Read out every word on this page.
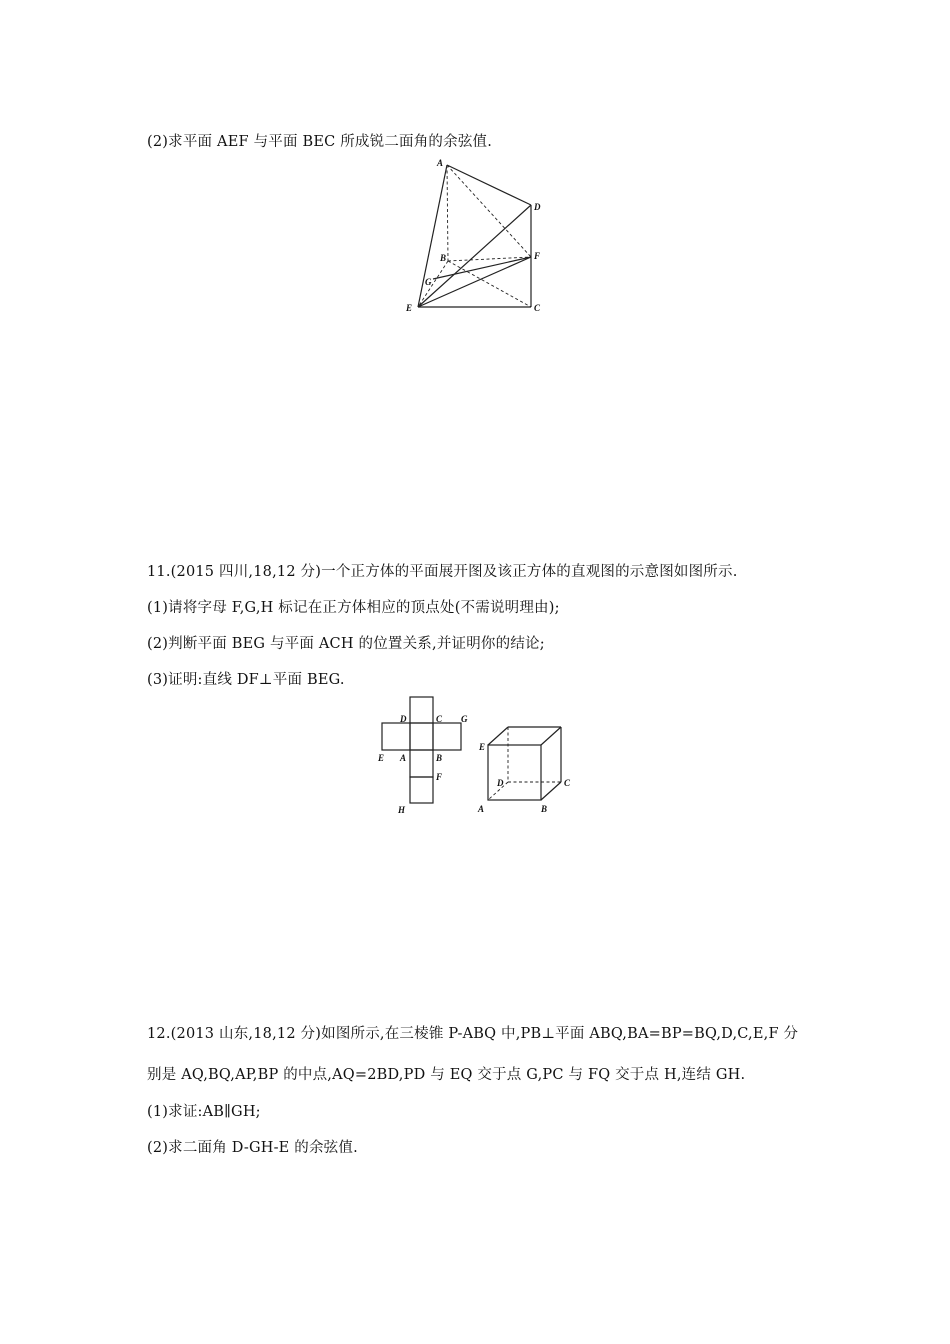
(2)求平面 AEF 与平面 BEC 所成锐二面角的余弦值.
A
D
B	F
G
E	C
11.(2015 四川,18,12 分)一个正方体的平面展开图及该正方体的直观图的示意图如图所示.
(1)请将字母 F,G,H 标记在正方体相应的顶点处(不需说明理由);
(2)判断平面 BEG 与平面 ACH 的位置关系,并证明你的结论;
(3)证明:直线 DF⊥平面 BEG.
D	C G
E A	B
F
H
E
D	C
A	B
12.(2013 山东,18,12 分)如图所示,在三棱锥 P-ABQ 中,PB⊥平面 ABQ,BA=BP=BQ,D,C,E,F 分
别是 AQ,BQ,AP,BP 的中点,AQ=2BD,PD 与 EQ 交于点 G,PC 与 FQ 交于点 H,连结 GH.
(1)求证:AB∥GH;
(2)求二面角 D-GH-E 的余弦值.
